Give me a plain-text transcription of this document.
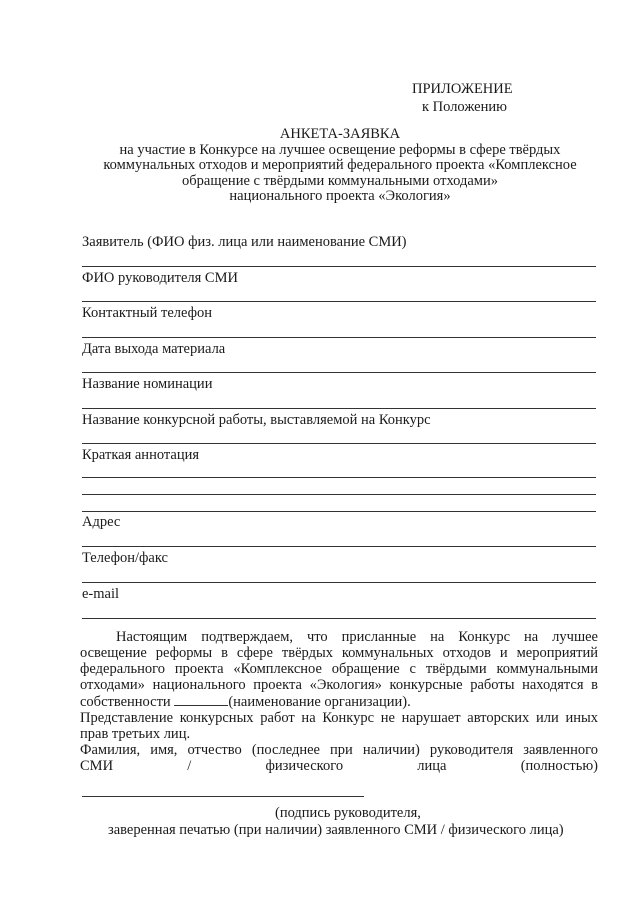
ПРИЛОЖЕНИЕ
к Положению
АНКЕТА-ЗАЯВКА
на участие в Конкурсе на лучшее освещение реформы в сфере твёрдых
коммунальных отходов и мероприятий федерального проекта «Комплексное
обращение с твёрдыми коммунальными отходами»
национального проекта «Экология»
Заявитель (ФИО физ. лица или наименование СМИ)
ФИО руководителя СМИ
Контактный телефон
Дата выхода материала
Название номинации
Название конкурсной работы, выставляемой на Конкурс
Краткая аннотация
Адрес
Телефон/факс
e-mail

Настоящим подтверждаем, что присланные на Конкурс на лучшее

освещение реформы в сфере твёрдых коммунальных отходов и мероприятий

федерального проекта «Комплексное обращение с твёрдыми коммунальными

отходами» национального проекта «Экология» конкурсные работы находятся в

собственности	(наименование организации).

Представление конкурсных работ на Конкурс не нарушает авторских или иных

прав третьих лиц.

Фамилия, имя, отчество (последнее при наличии) руководителя заявленного

СМИ / физического лица (полностью)

(подпись руководителя,
заверенная печатью (при наличии) заявленного СМИ / физического лица)
